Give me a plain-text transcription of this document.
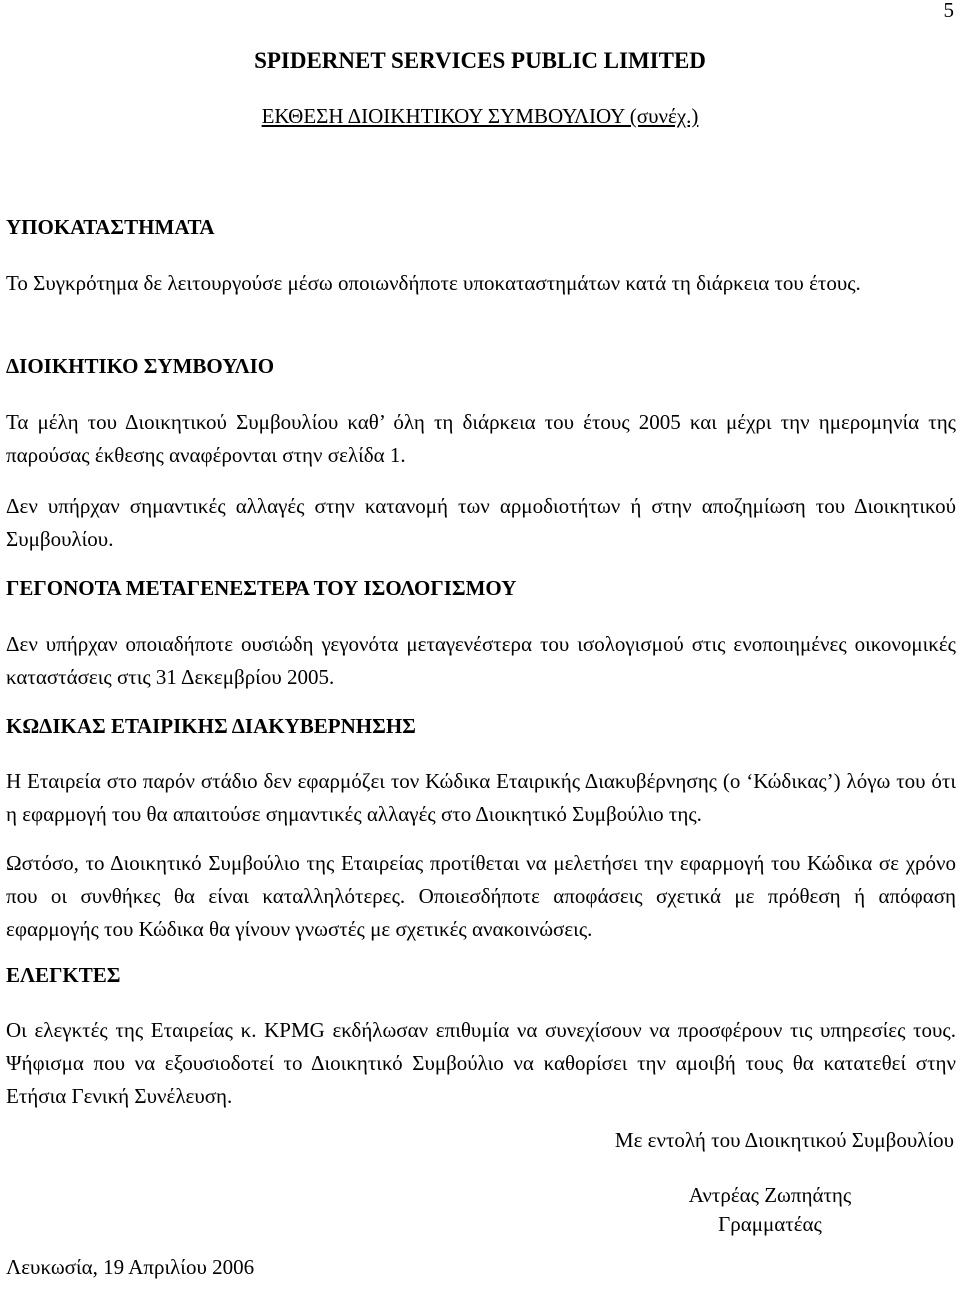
5
SPIDERNET SERVICES PUBLIC LIMITED
ΕΚΘΕΣΗ ΔΙΟΙΚΗΤΙΚΟΥ ΣΥΜΒΟΥΛΙΟΥ (συνέχ.)
ΥΠΟΚΑΤΑΣΤΗΜΑΤΑ
Το Συγκρότημα δε λειτουργούσε μέσω οποιωνδήποτε υποκαταστημάτων κατά τη διάρκεια του έτους.
ΔΙΟΙΚΗΤΙΚΟ ΣΥΜΒΟΥΛΙΟ
Τα μέλη του Διοικητικού Συμβουλίου καθ’ όλη τη διάρκεια του έτους 2005 και μέχρι την ημερομηνία της παρούσας έκθεσης αναφέρονται στην σελίδα 1.
Δεν υπήρχαν σημαντικές αλλαγές στην κατανομή των αρμοδιοτήτων ή στην αποζημίωση του Διοικητικού Συμβουλίου.
ΓΕΓΟΝΟΤΑ ΜΕΤΑΓΕΝΕΣΤΕΡΑ ΤΟΥ ΙΣΟΛΟΓΙΣΜΟΥ
Δεν υπήρχαν οποιαδήποτε ουσιώδη γεγονότα μεταγενέστερα του ισολογισμού στις ενοποιημένες οικονομικές καταστάσεις στις 31 Δεκεμβρίου 2005.
ΚΩΔΙΚΑΣ ΕΤΑΙΡΙΚΗΣ ΔΙΑΚΥΒΕΡΝΗΣΗΣ
Η Εταιρεία στο παρόν στάδιο δεν εφαρμόζει τον Κώδικα Εταιρικής Διακυβέρνησης (ο ‘Κώδικας’) λόγω του ότι η εφαρμογή του θα απαιτούσε σημαντικές αλλαγές στο Διοικητικό Συμβούλιο της.
Ωστόσο, το Διοικητικό Συμβούλιο της Εταιρείας προτίθεται να μελετήσει την εφαρμογή του Κώδικα σε χρόνο που οι συνθήκες θα είναι καταλληλότερες. Οποιεσδήποτε αποφάσεις σχετικά με πρόθεση ή απόφαση εφαρμογής του Κώδικα θα γίνουν γνωστές με σχετικές ανακοινώσεις.
ΕΛΕΓΚΤΕΣ
Οι ελεγκτές της Εταιρείας κ. KPMG εκδήλωσαν επιθυμία να συνεχίσουν να προσφέρουν τις υπηρεσίες τους. Ψήφισμα που να εξουσιοδοτεί το Διοικητικό Συμβούλιο να καθορίσει την αμοιβή τους θα κατατεθεί στην Ετήσια Γενική Συνέλευση.
Με εντολή του Διοικητικού Συμβουλίου
Αντρέας Ζωπηάτης
Γραμματέας
Λευκωσία, 19 Απριλίου 2006
